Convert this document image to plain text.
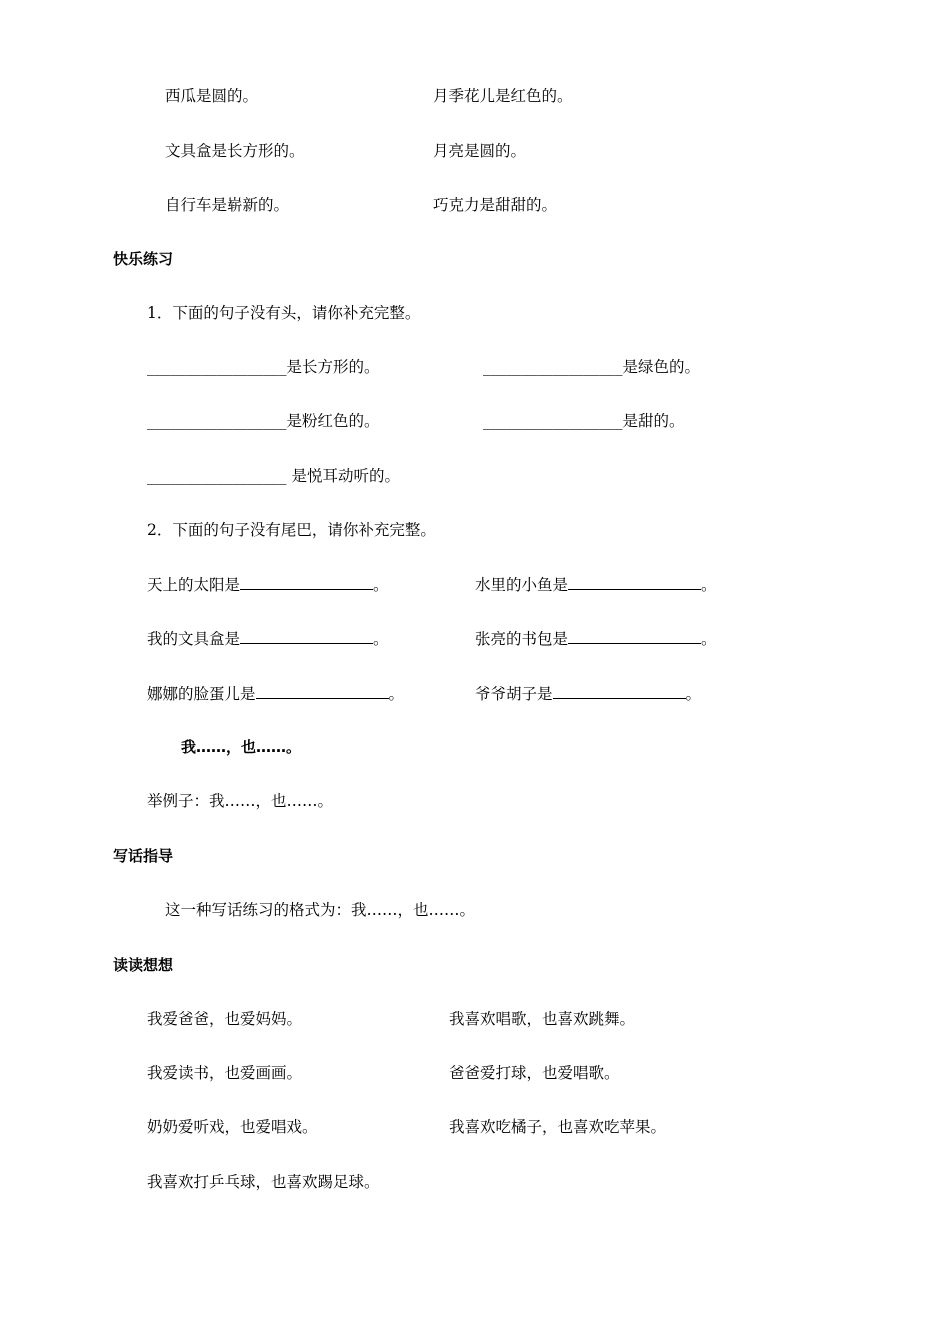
西瓜是圆的。	月季花儿是红色的。
文具盒是长方形的。	月亮是圆的。
自行车是崭新的。	巧克力是甜甜的。
快乐练习
1．下面的句子没有头，请你补充完整。
__________________是长方形的。	__________________是绿色的。
__________________是粉红色的。	__________________是甜的。
__________________ 是悦耳动听的。
2．下面的句子没有尾巴，请你补充完整。
天上的太阳是	。	水里的小鱼是	。
我的文具盒是	。	张亮的书包是	。
娜娜的脸蛋儿是	。	爷爷胡子是	。
我……，也……。
举例子：我……，也……。
写话指导
这一种写话练习的格式为：我……，也……。
读读想想
我爱爸爸，也爱妈妈。	我喜欢唱歌，也喜欢跳舞。
我爱读书，也爱画画。	爸爸爱打球，也爱唱歌。
奶奶爱听戏，也爱唱戏。	我喜欢吃橘子，也喜欢吃苹果。
我喜欢打乒乓球，也喜欢踢足球。
